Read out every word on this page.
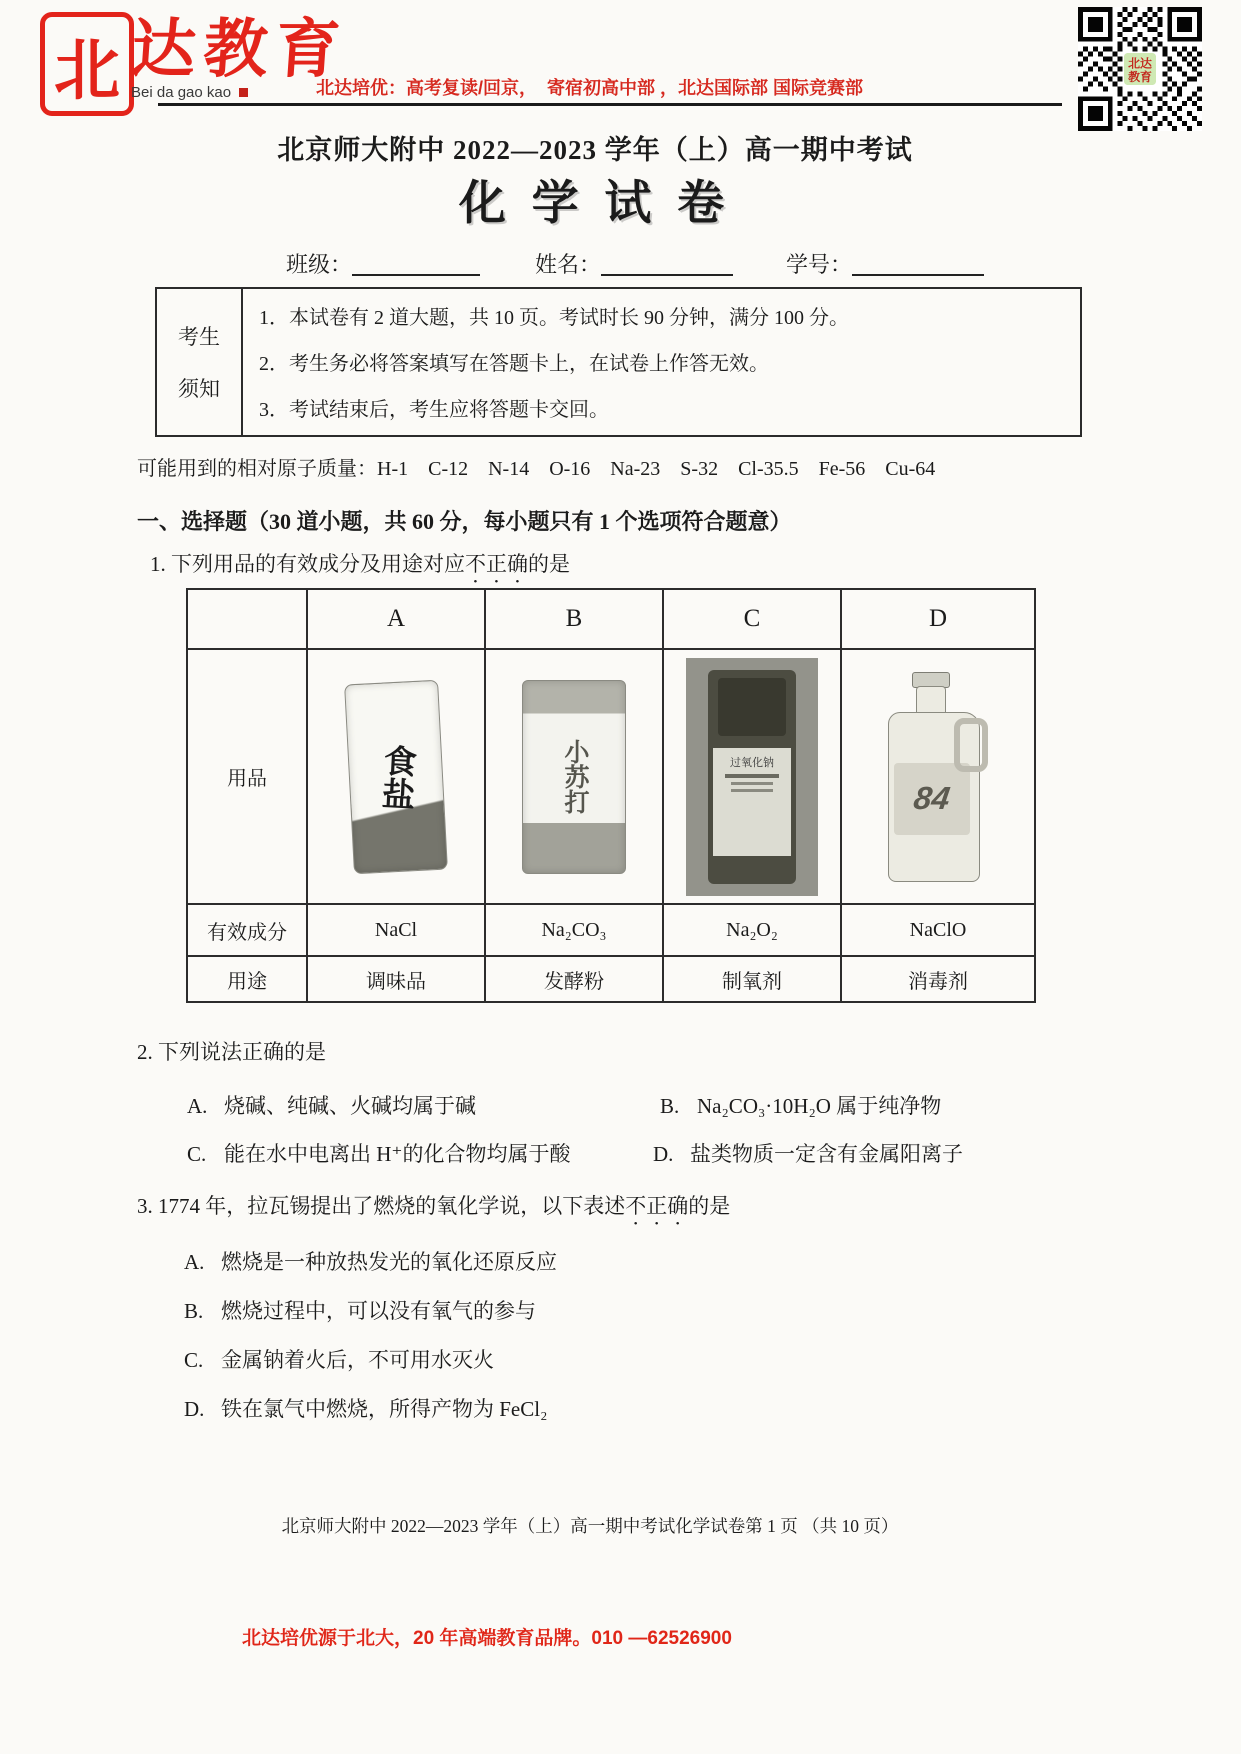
北 达教育
Bei da gao kao	北达培优：高考复读/回京，  寄宿初高中部 ，北达国际部 国际竞赛部
北达
教育
北京师大附中 2022—2023 学年（上）高一期中考试
化 学 试 卷
班级：	姓名：	学号：
考生
须知
1．本试卷有 2 道大题，共 10 页。考试时长 90 分钟，满分 100 分。
2．考生务必将答案填写在答题卡上，在试卷上作答无效。
3．考试结束后，考生应将答题卡交回。
可能用到的相对原子质量：H-1　C-12　N-14　O-16　Na-23　S-32　Cl-35.5　Fe-56　Cu-64
一、选择题（30 道小题，共 60 分，每小题只有 1 个选项符合题意）
1. 下列用品的有效成分及用途对应不正确的是
	A	B	C	D
用品	食盐	小苏打	过氧化钠	84

有效成分	NaCl	Na₂CO₃	Na₂O₂	NaClO
用途	调味品	发酵粉	制氧剂	消毒剂
2. 下列说法正确的是
A. 烧碱、纯碱、火碱均属于碱	B. Na₂CO₃·10H₂O 属于纯净物
C. 能在水中电离出 H⁺的化合物均属于酸	D. 盐类物质一定含有金属阳离子
3. 1774 年，拉瓦锡提出了燃烧的氧化学说，以下表述不正确的是
A. 燃烧是一种放热发光的氧化还原反应
B. 燃烧过程中，可以没有氧气的参与
C. 金属钠着火后，不可用水灭火
D. 铁在氯气中燃烧，所得产物为 FeCl₂
北京师大附中 2022—2023 学年（上）高一期中考试化学试卷第 1 页 （共 10 页）
北达培优源于北大，20 年高端教育品牌。010 —62526900
